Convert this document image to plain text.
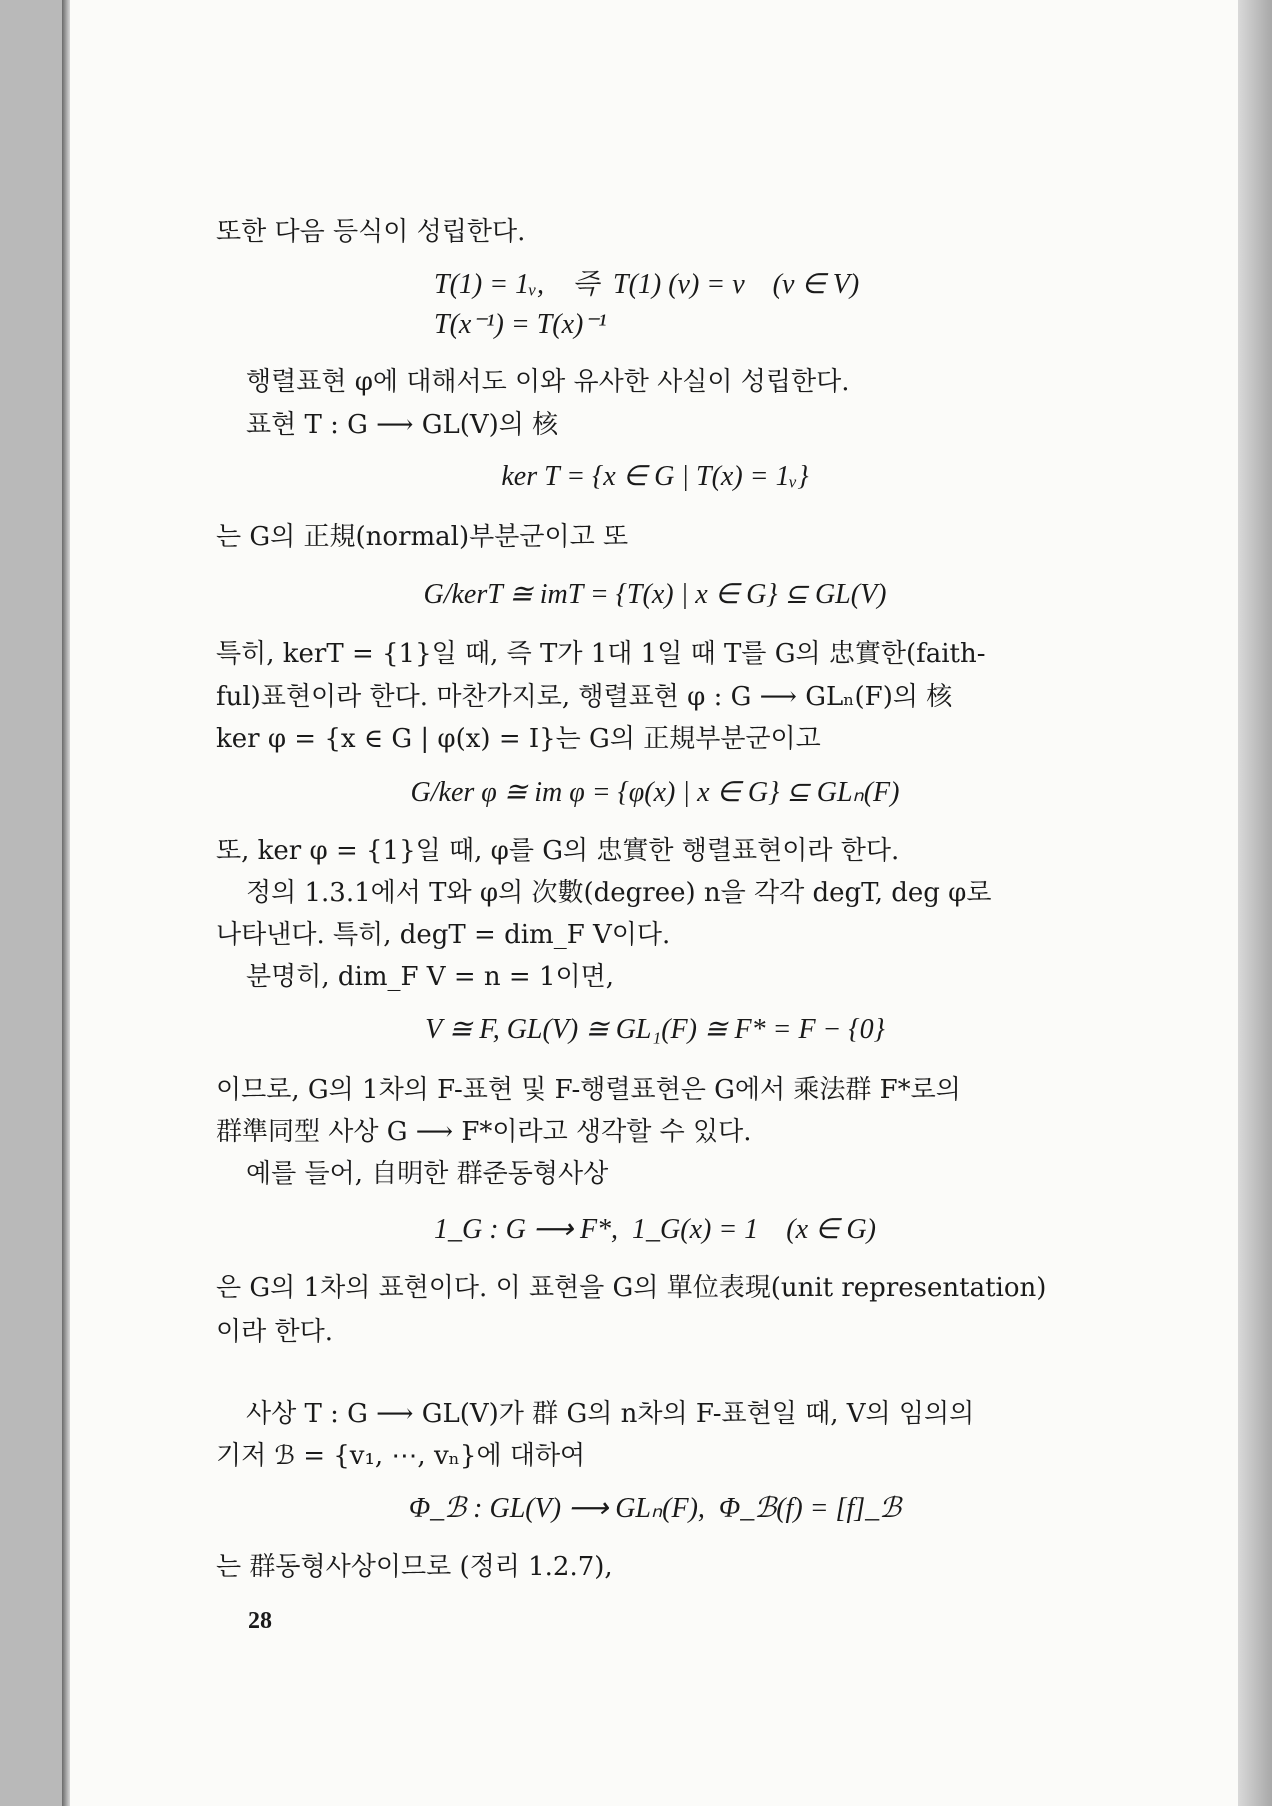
또한 다음 등식이 성립한다.
T(1) = 1ᵥ,    즉  T(1) (v) = v    (v ∈ V)
T(x⁻¹) = T(x)⁻¹
행렬표현 φ에 대해서도 이와 유사한 사실이 성립한다.
표현 T : G ⟶ GL(V)의 核
ker T = {x ∈ G | T(x) = 1ᵥ}
는 G의 正規(normal)부분군이고 또
G/kerT ≅ imT = {T(x) | x ∈ G} ⊆ GL(V)
특히, kerT = {1}일 때, 즉 T가 1대 1일 때 T를 G의 忠實한(faith-
ful)표현이라 한다. 마찬가지로, 행렬표현 φ : G ⟶ GLₙ(F)의 核
ker φ = {x ∈ G | φ(x) = I}는 G의 正規부분군이고
G/ker φ ≅ im φ = {φ(x) | x ∈ G} ⊆ GLₙ(F)
또, ker φ = {1}일 때, φ를 G의 忠實한 행렬표현이라 한다.
정의 1.3.1에서 T와 φ의 次數(degree) n을 각각 degT, deg φ로
나타낸다. 특히, degT = dim_F V이다.
분명히, dim_F V = n = 1이면,
V ≅ F, GL(V) ≅ GL₁(F) ≅ F* = F − {0}
이므로, G의 1차의 F-표현 및 F-행렬표현은 G에서 乘法群 F*로의
群準同型 사상 G ⟶ F*이라고 생각할 수 있다.
예를 들어, 自明한 群준동형사상
1_G : G ⟶ F*,  1_G(x) = 1    (x ∈ G)
은 G의 1차의 표현이다. 이 표현을 G의 單位表現(unit representation)
이라 한다.
사상 T : G ⟶ GL(V)가 群 G의 n차의 F-표현일 때, V의 임의의
기저 ℬ = {v₁, ⋯, vₙ}에 대하여
Φ_ℬ : GL(V) ⟶ GLₙ(F),  Φ_ℬ(f) = [f]_ℬ
는 群동형사상이므로 (정리 1.2.7),
28
